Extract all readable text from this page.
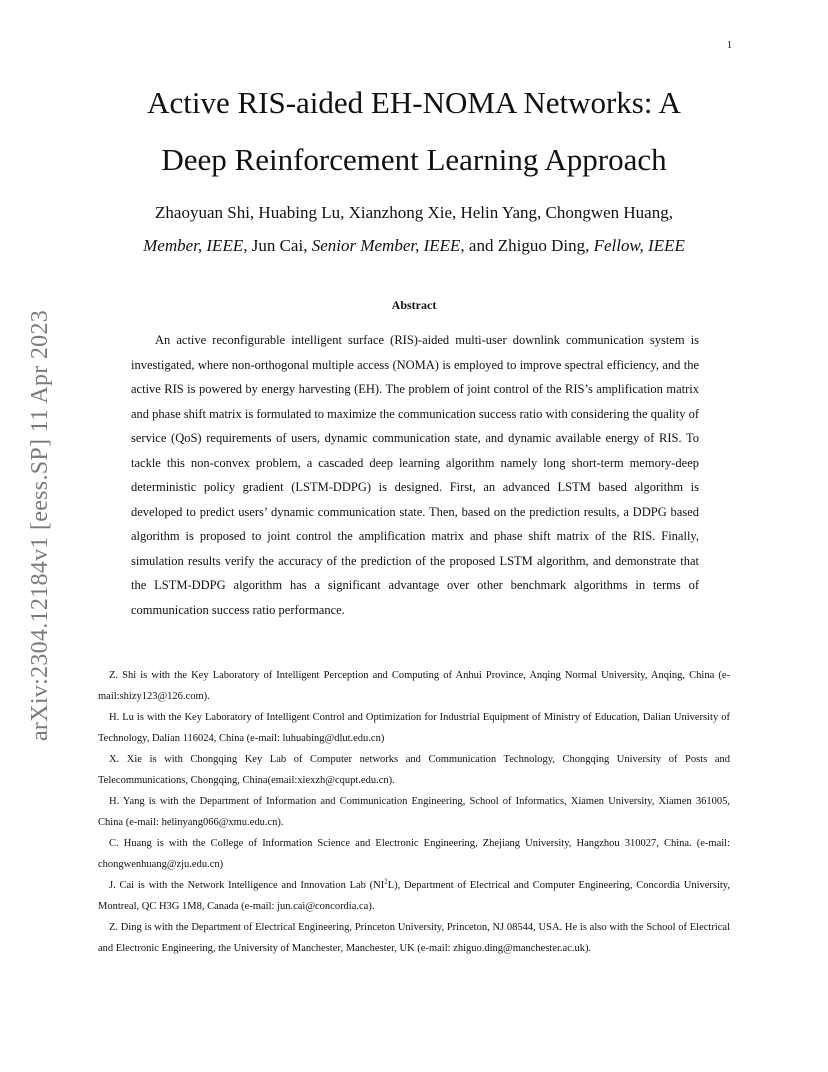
1
arXiv:2304.12184v1 [eess.SP] 11 Apr 2023
Active RIS-aided EH-NOMA Networks: A
Deep Reinforcement Learning Approach
Zhaoyuan Shi, Huabing Lu, Xianzhong Xie, Helin Yang, Chongwen Huang,
Member, IEEE, Jun Cai, Senior Member, IEEE, and Zhiguo Ding, Fellow, IEEE
Abstract

An active reconfigurable intelligent surface (RIS)-aided multi-user downlink communication system is investigated, where non-orthogonal multiple access (NOMA) is employed to improve spectral efficiency, and the active RIS is powered by energy harvesting (EH). The problem of joint control of the RIS’s amplification matrix and phase shift matrix is formulated to maximize the communication success ratio with considering the quality of service (QoS) requirements of users, dynamic communication state, and dynamic available energy of RIS. To tackle this non-convex problem, a cascaded deep learning algorithm namely long short-term memory-deep deterministic policy gradient (LSTM-DDPG) is designed. First, an advanced LSTM based algorithm is developed to predict users’ dynamic communication state. Then, based on the prediction results, a DDPG based algorithm is proposed to joint control the amplification matrix and phase shift matrix of the RIS. Finally, simulation results verify the accuracy of the prediction of the proposed LSTM algorithm, and demonstrate that the LSTM-DDPG algorithm has a significant advantage over other benchmark algorithms in terms of communication success ratio performance.

Z. Shi is with the Key Laboratory of Intelligent Perception and Computing of Anhui Province, Anqing Normal University, Anqing, China (e-mail:shizy123@126.com).

H. Lu is with the Key Laboratory of Intelligent Control and Optimization for Industrial Equipment of Ministry of Education, Dalian University of Technology, Dalian 116024, China (e-mail: luhuabing@dlut.edu.cn)

X. Xie is with Chongqing Key Lab of Computer networks and Communication Technology, Chongqing University of Posts and Telecommunications, Chongqing, China(email:xiexzh@cqupt.edu.cn).

H. Yang is with the Department of Information and Communication Engineering, School of Informatics, Xiamen University, Xiamen 361005, China (e-mail: helinyang066@xmu.edu.cn).

C. Huang is with the College of Information Science and Electronic Engineering, Zhejiang University, Hangzhou 310027, China. (e-mail: chongwenhuang@zju.edu.cn)

J. Cai is with the Network Intelligence and Innovation Lab $(NI^2L)$, Department of Electrical and Computer Engineering, Concordia University, Montreal, QC H3G 1M8, Canada (e-mail: jun.cai@concordia.ca).

Z. Ding is with the Department of Electrical Engineering, Princeton University, Princeton, NJ 08544, USA. He is also with the School of Electrical and Electronic Engineering, the University of Manchester, Manchester, UK (e-mail: zhiguo.ding@manchester.ac.uk).
